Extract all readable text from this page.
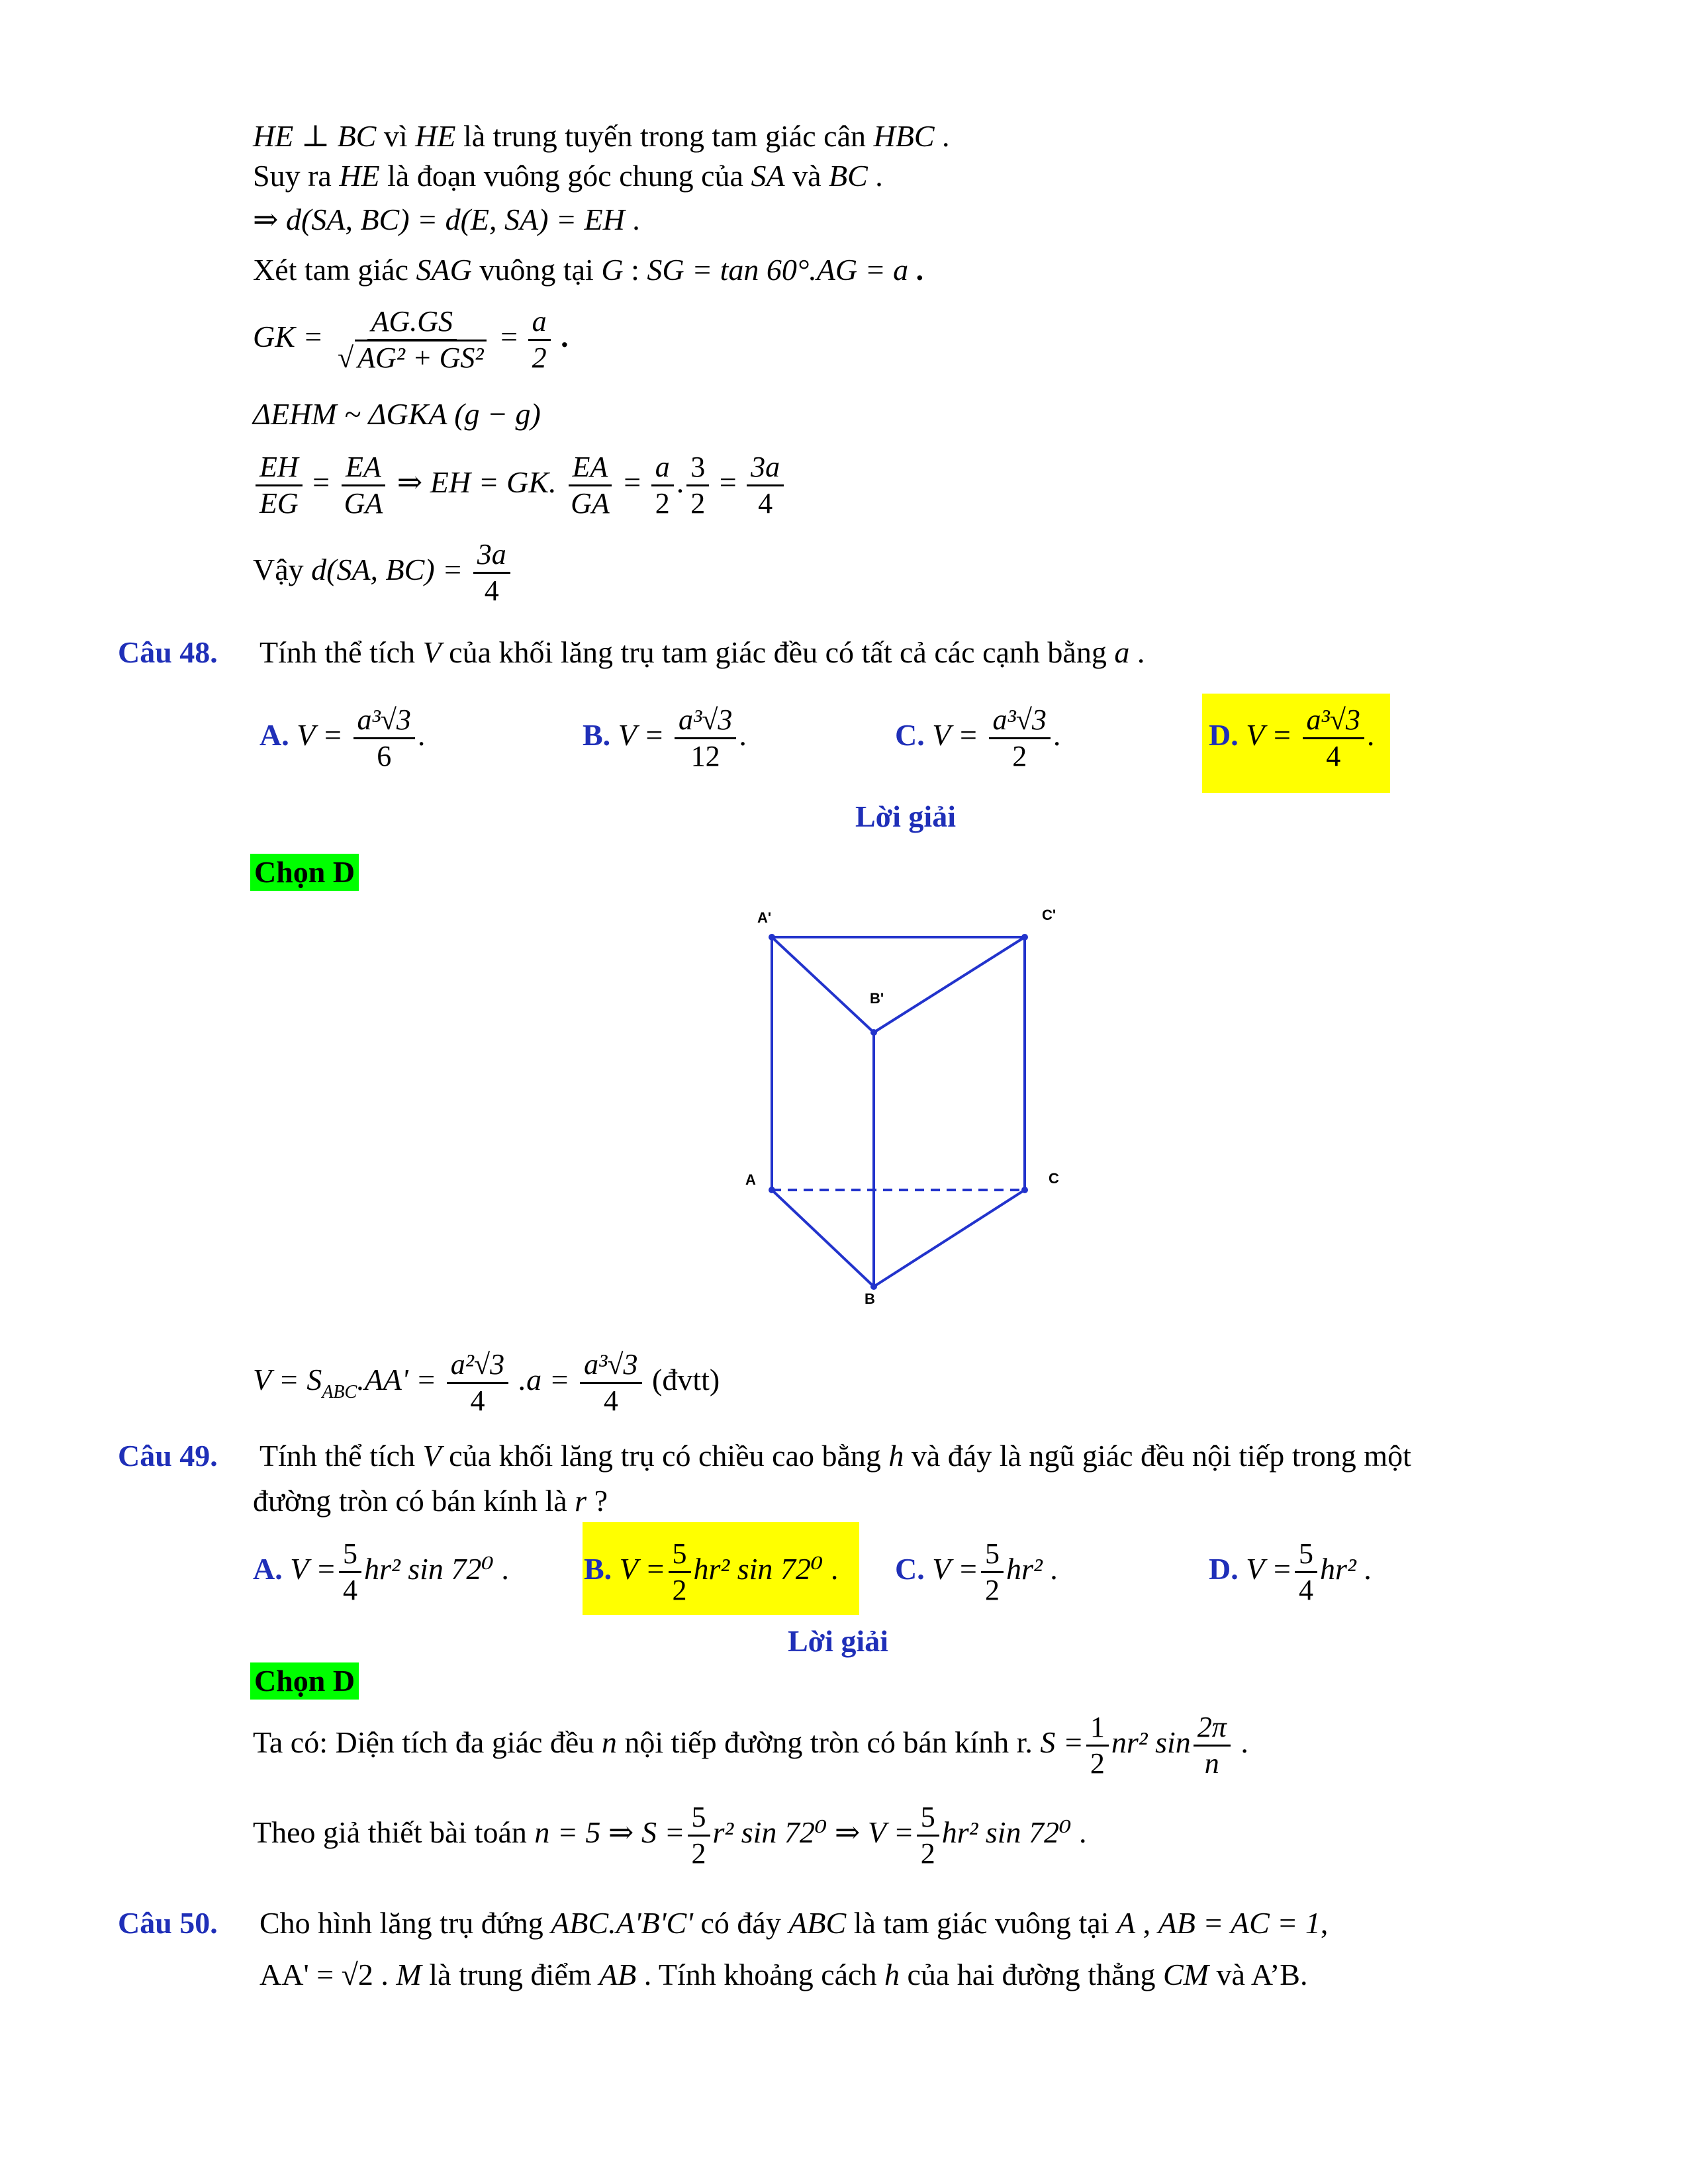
HE ⊥ BC vì HE là trung tuyến trong tam giác cân HBC .
Suy ra HE là đoạn vuông góc chung của SA và BC .
⇒ d(SA, BC) = d(E, SA) = EH .
Xét tam giác SAG vuông tại G : SG = tan 60°.AG = a .
GK = $\frac{AG.GS}{\text{√ AG² + GS²}} = \frac{a}{2}$ .
ΔEHM ~ ΔGKA (g − g)
$\frac{EH}{EG} = \frac{EA}{GA}$ ⇒ EH = GK. $\frac{EA}{GA} = \frac{a}{2}$ . $\frac{3}{2} = \frac{3a}{4}$
Vậy d(SA, $BC) = \frac{3a}{4}$
Câu 48. Tính thể tích V của khối lăng trụ tam giác đều có tất cả các cạnh bằng a .
A. $V = \frac{\text{a³√3}}{6}$ .	B. $V = \frac{\text{a³√3}}{12}$ .	C. $V = \frac{\text{a³√3}}{2}$ .	D. $V = \frac{\text{a³√3}}{4}$ .
Lời giải
Chọn D
A'	C'
B'
A	C
B
$V = S_{ABC}.AA' = \frac{\text{a²√3}}{4} .a = \frac{\text{a³√3}}{4}$ (đvtt)
Câu 49. Tính thể tích V của khối lăng trụ có chiều cao bằng h và đáy là ngũ giác đều nội tiếp trong một
đường tròn có bán kính là r ?
A. $V = \frac{5}{4} hr^2$ sin 72⁰ . B. $V = \frac{5}{2} hr^2$ sin 72⁰ . C. $V = \frac{5}{2} hr^2$ .	D. $V = \frac{5}{4} hr^2$ .
Lời giải
Chọn D
Ta có: Diện tích đa giác đều n nội tiếp đường tròn có bán kính r. $S = \frac{1}{2} nr^2$ $\sin \frac{2\pi}{n}$ .
Theo giả thiết bài toán n = 5 ⇒ $S = \frac{5}{2} r^2$ sin 72⁰ ⇒ $V = \frac{5}{2} hr^2$ sin 72⁰ .
Câu 50. Cho hình lăng trụ đứng ABC.A'B'C' có đáy ABC là tam giác vuông tại A , AB = AC = 1,
AA' = √2 . M là trung điểm AB . Tính khoảng cách h của hai đường thẳng CM và A’B.
